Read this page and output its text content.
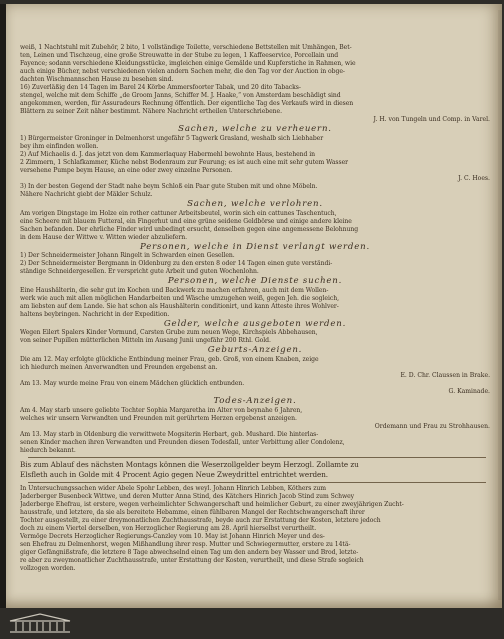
weiß, 1 Nachtstuhl mit Zubehör, 2 bito, 1 vollständige Toilette, verschiedene Bettstellen mit Umhängen, Bet-
ten, Leinen und Tischzeug, eine große Streuwatte in der Stube zu legen, 1 Kaffeeservice, Porcellain und
Fayence; sodann verschiedene Kleidungsstücke, imgleichen einige Gemälde und Kupferstiche in Rahmen, wie
auch einige Bücher, nebst verschiedenen vielen andern Sachen mehr, die den Tag vor der Auction in obge-
dachten Wischmannschen Hause zu besehen sind.
16) Zuverläßig den 14 Tagen im Barel 24 Körbe Ammersfoorter Tabak, und 20 dito Tabacks-
stengel, welche mit dem Schiffe „de Groom Janns, Schiffer M. J. Haake,“ von Amsterdam beschädigt sind
angekommen, werden, für Assuradeurs Rechnung öffentlich. Der eigentliche Tag des Verkaufs wird in diesen
Blättern zu seiner Zeit näher bestimmt. Nähere Nachricht ertheilen Unterschriebene.
J. H. von Tungeln und Comp. in Varel.
Sachen, welche zu verheuern.
1) Bürgermeister Groninger in Delmenhorst ungefähr 5 Tagwerk Grasland, weshalb sich Liebhaber
bey ihm einfinden wollen.
2) Auf Michaelis d. J. das jetzt von dem Kammerlaquay Habermehl bewohnte Haus, bestehend in
2 Zimmern, 1 Schlafkammer, Küche nebst Bodenraum zur Feurung; es ist auch eine mit sehr gutem Wasser
versehene Pumpe beym Hause, an eine oder zwey einzelne Personen.
J. C. Hoes.
3) In der besten Gegend der Stadt nahe beym Schloß ein Paar gute Stuben mit und ohne Möbeln.
Nähere Nachricht giebt der Mäkler Schulz.
Sachen, welche verlohren.
Am vorigen Dingstage im Holze ein rother cattuner Arbeitsbeutel, worin sich ein cattunes Taschentuch,
eine Scheere mit blauem Futteral, ein Fingerhut und eine grüne seidene Geldbörse und einige andere kleine
Sachen befanden. Der ehrliche Finder wird unbedingt ersucht, denselben gegen eine angemessene Belohnung
in dem Hause der Wittwe v. Witten wieder abzuliefern.
Personen, welche in Dienst verlangt werden.
1) Der Schneidermeister Johann Ringelt in Schwarden einen Gesellen.
2) Der Schneidermeister Bergmann in Oldenburg zu den ersten 8 oder 14 Tagen einen gute verständi-
ständige Schneidergesellen. Er verspricht gute Arbeit und guten Wochenlohn.
Personen, welche Dienste suchen.
Eine Haushälterin, die sehr gut im Kochen und Backwerk zu machen erfahren, auch mit dem Wollen-
werk wie auch mit allen möglichen Handarbeiten und Wäsche umzugehen weiß, gegen Jeh. die sogleich,
am liebsten auf dem Lande. Sie hat schon als Haushälterin conditionirt, und kann Atteste ihres Wohlver-
haltens beybringen. Nachricht in der Expedition.
Gelder, welche ausgeboten werden.
Wegen Eilert Spalers Kinder Vormund, Carsten Grube zum neuen Wege, Kirchspiels Abbehausen,
von seiner Pupillen mütterlichen Mitteln im Ausang Junii ungefähr 200 Rthl. Gold.
Geburts-Anzeigen.
Die am 12. May erfolgte glückliche Entbindung meiner Frau, geb. Groß, von einem Knaben, zeige
ich hiedurch meinen Anverwandten und Freunden ergebenst an.
E. D. Chr. Claussen in Brake.
Am 13. May wurde meine Frau von einem Mädchen glücklich entbunden.
G. Kaminade.
Todes-Anzeigen.
Am 4. May starb unsere geliebte Tochter Sophia Margaretha im Alter von beynahe 6 Jahren,
welches wir unsern Verwandten und Freunden mit gerührtem Herzen ergebenst anzeigen.
Ordemann und Frau zu Strohhausen.
Am 13. May starb in Oldenburg die verwittwete Mogsiterin Herbart, geb. Mushard. Die hinterlas-
senen Kinder machen ihren Verwandten und Freunden diesen Todesfall, unter Verbittung aller Condolenz,
hiedurch bekannt.
Bis zum Ablauf des nächsten Montags können die Weserzollgelder beym Herzogl. Zollamte zu
Elsfleth auch in Golde mit 4 Procent Agio gegen Neue Zweydrittel entrichtet werden.
In Untersuchungssachen wider Abele Spohr Lebben, des weyl. Johann Hinrich Lebben, Köthers zum
Jaderberger Busenbeck Wittwe, und deren Mutter Anna Stind, des Kätchers Hinrich Jacob Stind zum Schwey
Jaderberge Ehefrau, ist erstere, wegen verheimlichter Schwangerschaft und heimlicher Geburt, zu einer zweyjährigen Zucht-
hausstrafe, und letztere, da sie als bereitete Hebamme, einen fühlbaren Mangel der Rechtschwangerschaft ihrer
Tochter ausgestellt, zu einer dreymonatlichen Zuchthausstrafe, beyde auch zur Erstattung der Kosten, letztere jedoch
doch zu einem Viertel derselben, von Herzoglicher Regierung am 28. April hierselbst verurtheilt.
Vermöge Decrets Herzoglicher Regierungs-Canzley vom 10. May ist Johann Hinrich Meyer und des-
sen Ehefrau zu Delmenhorst, wegen Mißhandlung ihrer resp. Mutter und Schwiegermutter, erstere zu 14tä-
giger Gefängnißstrafe, die letztere 8 Tage abwechselnd einen Tag um den andern bey Wasser und Brod, letzte-
re aber zu zweymonatlicher Zuchthausstrafe, unter Erstattung der Kosten, verurtheilt, und diese Strafe sogleich
vollzogen worden.
